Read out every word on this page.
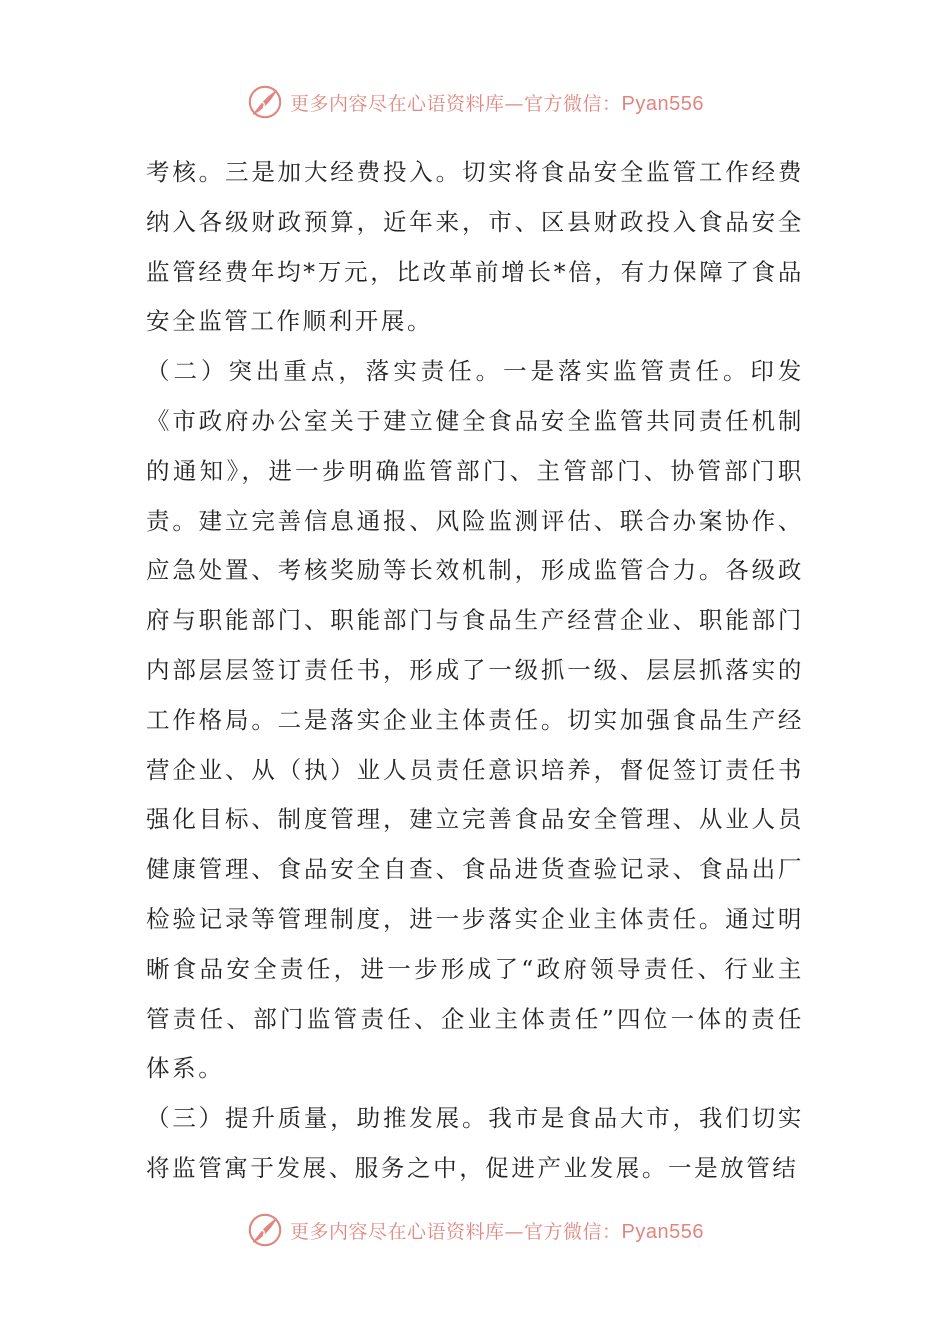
更多内容尽在心语资料库—官方微信：Pyan556

考核。三是加大经费投入。切实将食品安全监管工作经费纳入各级财政预算，近年来，市、区县财政投入食品安全监管经费年均*万元，比改革前增长*倍，有力保障了食品安全监管工作顺利开展。

（二）突出重点，落实责任。一是落实监管责任。印发《市政府办公室关于建立健全食品安全监管共同责任机制的通知》，进一步明确监管部门、主管部门、协管部门职责。建立完善信息通报、风险监测评估、联合办案协作、应急处置、考核奖励等长效机制，形成监管合力。各级政府与职能部门、职能部门与食品生产经营企业、职能部门内部层层签订责任书，形成了一级抓一级、层层抓落实的工作格局。二是落实企业主体责任。切实加强食品生产经营企业、从（执）业人员责任意识培养，督促签订责任书强化目标、制度管理，建立完善食品安全管理、从业人员健康管理、食品安全自查、食品进货查验记录、食品出厂检验记录等管理制度，进一步落实企业主体责任。通过明晰食品安全责任，进一步形成了“政府领导责任、行业主管责任、部门监管责任、企业主体责任”四位一体的责任体系。

（三）提升质量，助推发展。我市是食品大市，我们切实将监管寓于发展、服务之中，促进产业发展。一是放管结

更多内容尽在心语资料库—官方微信：Pyan556
